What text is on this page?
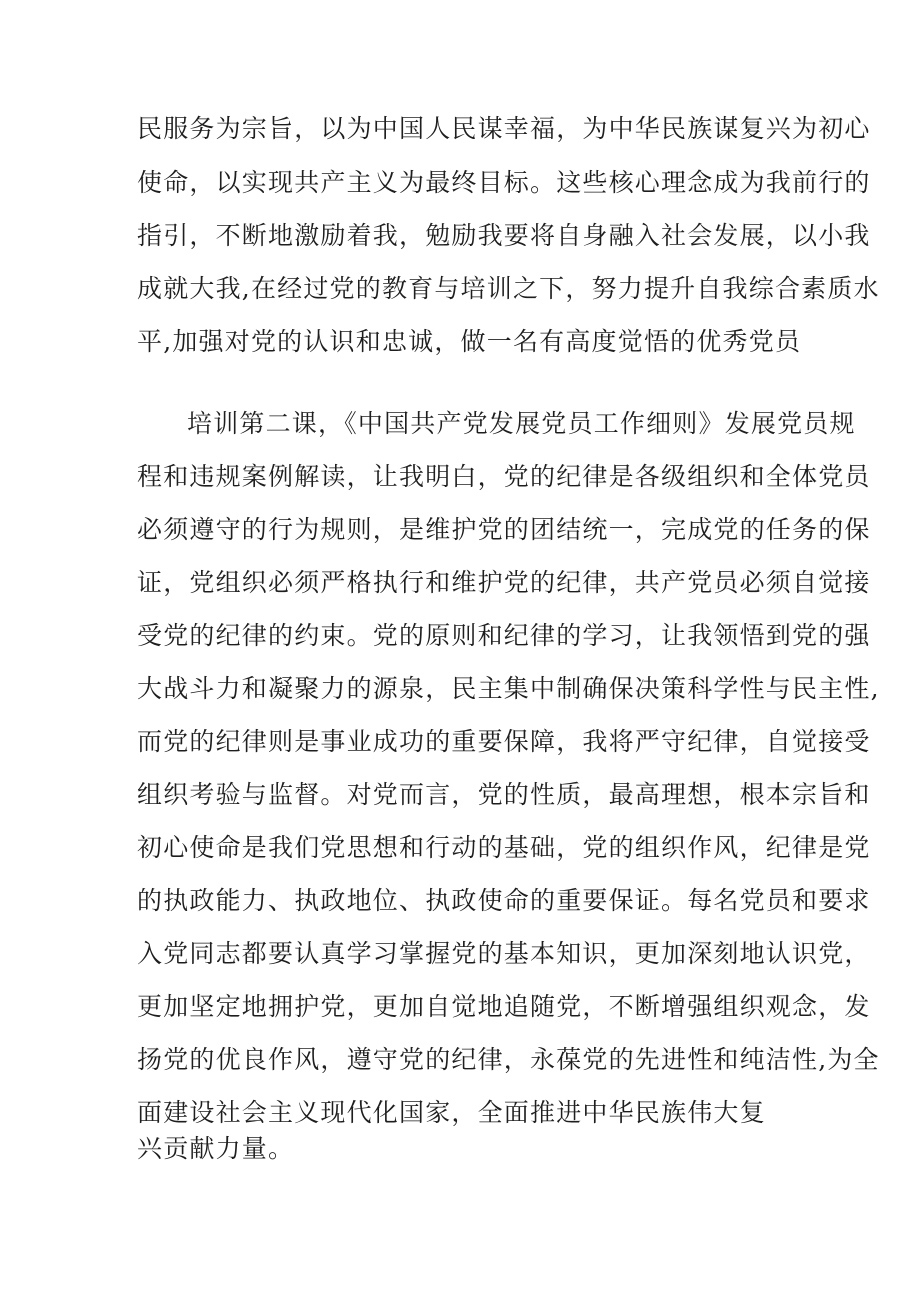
民服务为宗旨，以为中国人民谋幸福，为中华民族谋复兴为初心

使命，以实现共产主义为最终目标。这些核心理念成为我前行的

指引，不断地激励着我，勉励我要将自身融入社会发展，以小我

成就大我,在经过党的教育与培训之下，努力提升自我综合素质水

平,加强对党的认识和忠诚，做一名有高度觉悟的优秀党员

培训第二课，《中国共产党发展党员工作细则》发展党员规

程和违规案例解读，让我明白，党的纪律是各级组织和全体党员

必须遵守的行为规则，是维护党的团结统一，完成党的任务的保

证，党组织必须严格执行和维护党的纪律，共产党员必须自觉接

受党的纪律的约束。党的原则和纪律的学习，让我领悟到党的强

大战斗力和凝聚力的源泉，民主集中制确保决策科学性与民主性,

而党的纪律则是事业成功的重要保障，我将严守纪律，自觉接受

组织考验与监督。对党而言，党的性质，最高理想，根本宗旨和

初心使命是我们党思想和行动的基础，党的组织作风，纪律是党

的执政能力、执政地位、执政使命的重要保证。每名党员和要求

入党同志都要认真学习掌握党的基本知识，更加深刻地认识党，

更加坚定地拥护党，更加自觉地追随党，不断增强组织观念，发

扬党的优良作风，遵守党的纪律，永葆党的先进性和纯洁性,为全

面建设社会主义现代化国家，全面推进中华民族伟大复

兴贡献力量。
